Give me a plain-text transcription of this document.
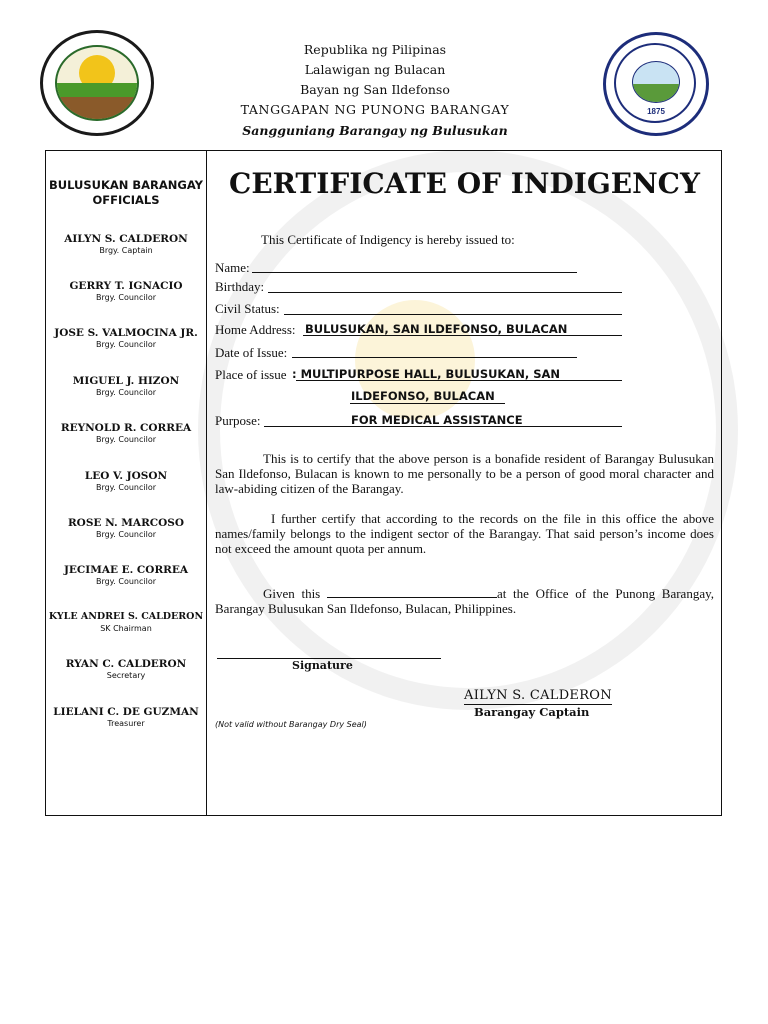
1875
Republika ng Pilipinas
Lalawigan ng Bulacan
Bayan ng San Ildefonso
TANGGAPAN NG PUNONG BARANGAY
Sangguniang Barangay ng Bulusukan
BULUSUKAN BARANGAY OFFICIALS
AILYN S. CALDERON
Brgy. Captain
GERRY T. IGNACIO
Brgy. Councilor
JOSE S. VALMOCINA JR.
Brgy. Councilor
MIGUEL J. HIZON
Brgy. Councilor
REYNOLD R. CORREA
Brgy. Councilor
LEO V. JOSON
Brgy. Councilor
ROSE N. MARCOSO
Brgy. Councilor
JECIMAE E. CORREA
Brgy. Councilor
KYLE ANDREI S. CALDERON
SK Chairman
RYAN C. CALDERON
Secretary
LIELANI C. DE GUZMAN
Treasurer
CERTIFICATE OF INDIGENCY
This Certificate of Indigency is hereby issued to:
Name:
Birthday:
Civil Status:
Home Address: BULUSUKAN, SAN ILDEFONSO, BULACAN
Date of Issue:
Place of issue : MULTIPURPOSE HALL, BULUSUKAN, SAN
ILDEFONSO, BULACAN
Purpose:	FOR MEDICAL ASSISTANCE
This is to certify that the above person is a bonafide resident of Barangay Bulusukan San Ildefonso, Bulacan is known to me personally to be a person of good moral character and law-abiding citizen of the Barangay.
I further certify that according to the records on the file in this office the above names/family belongs to the indigent sector of the Barangay. That said person’s income does not exceed the amount quota per annum.
Given this	at the Office of the Punong Barangay, Barangay Bulusukan San Ildefonso, Bulacan, Philippines.
Signature
AILYN S. CALDERON
Barangay Captain
(Not valid without Barangay Dry Seal)
